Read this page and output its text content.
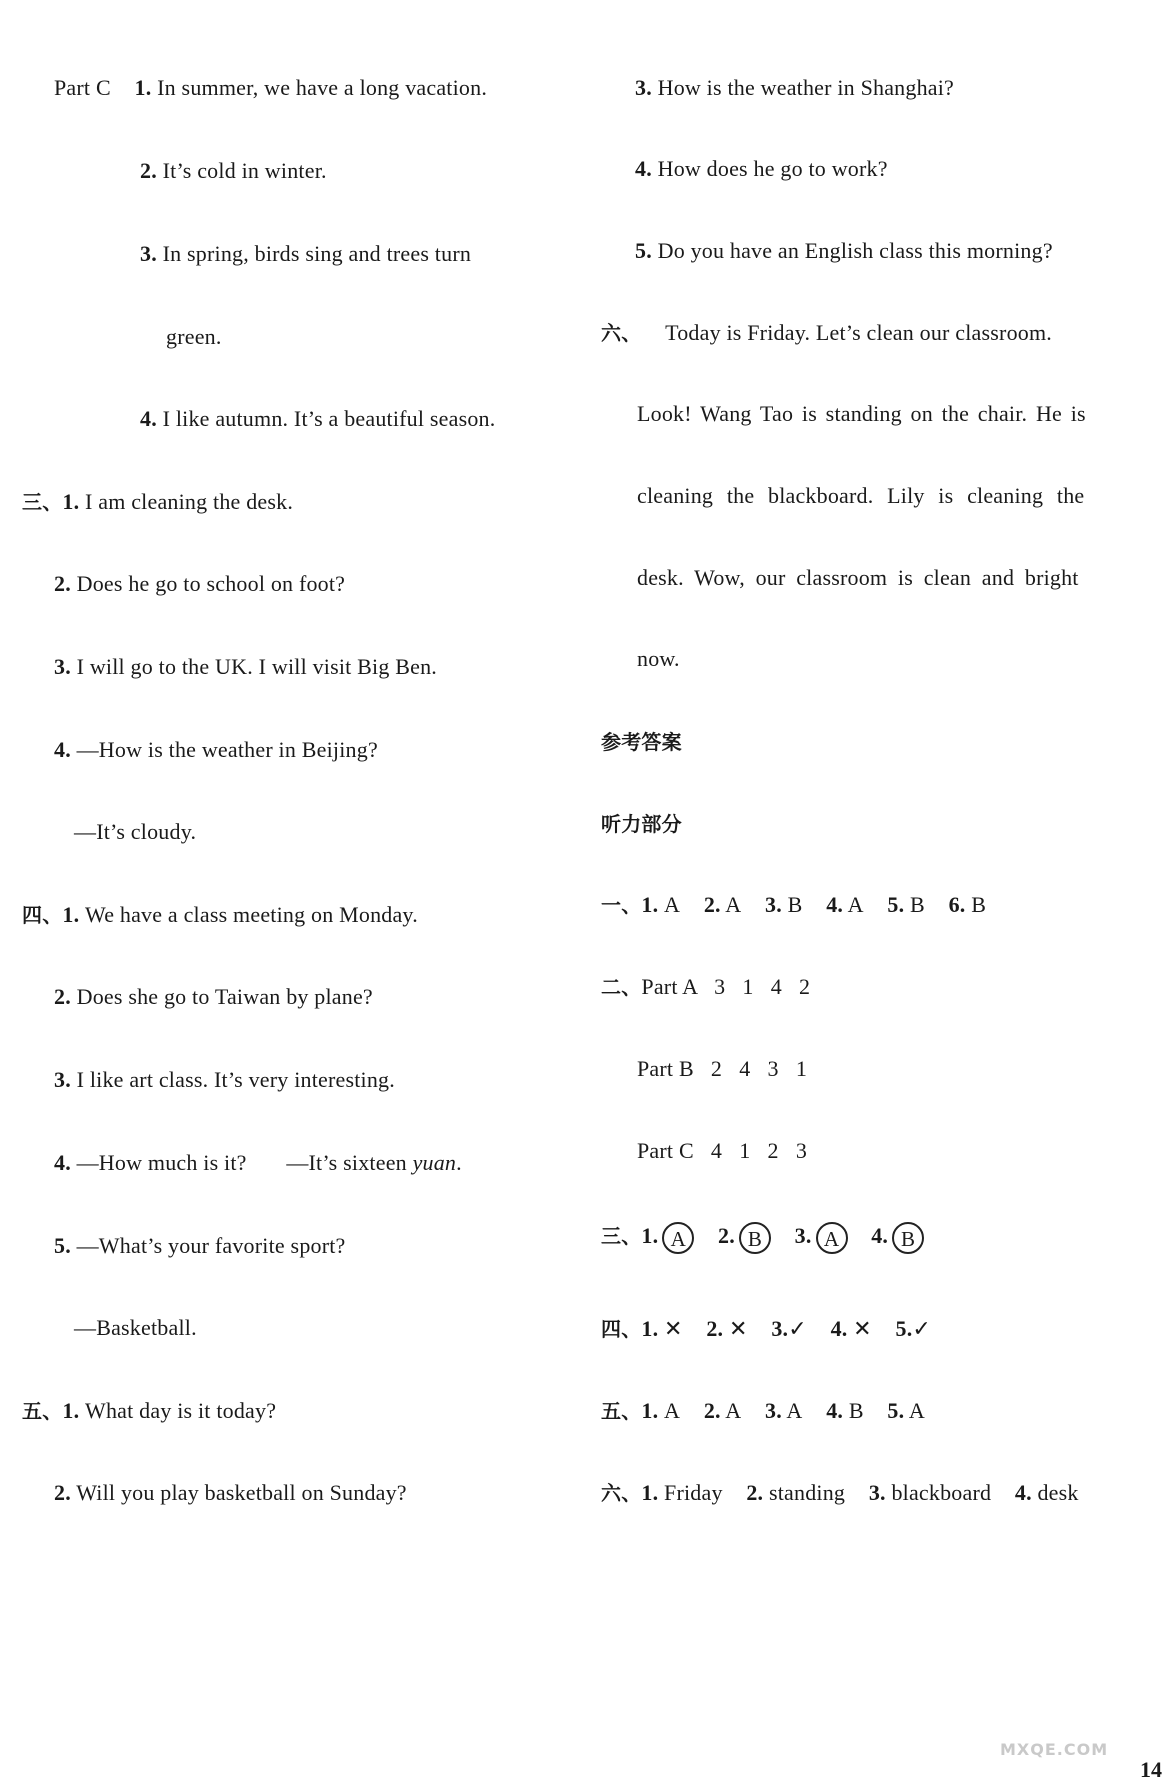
Part C 1. In summer, we have a long vacation.
2. It’s cold in winter.
3. In spring, birds sing and trees turn
green.
4. I like autumn. It’s a beautiful season.
三、1. I am cleaning the desk.
2. Does he go to school on foot?
3. I will go to the UK. I will visit Big Ben.
4. —How is the weather in Beijing?
—It’s cloudy.
四、1. We have a class meeting on Monday.
2. Does she go to Taiwan by plane?
3. I like art class. It’s very interesting.
4. —How much is it? —It’s sixteen yuan.
5. —What’s your favorite sport?
—Basketball.
五、1. What day is it today?
2. Will you play basketball on Sunday?
3. How is the weather in Shanghai?
4. How does he go to work?
5. Do you have an English class this morning?
六、 Today is Friday. Let’s clean our classroom.
Look! Wang Tao is standing on the chair. He is
cleaning the blackboard. Lily is cleaning the
desk. Wow, our classroom is clean and bright
now.
参考答案
听力部分
一、1. A 2. A 3. B 4. A 5. B 6. B
二、Part A 3   1   4   2
Part B 2   4   3   1
Part C 4   1   2   3
三、1. A 2. B 3. A 4. B
四、1. ✕ 2. ✕ 3.✓ 4. ✕ 5.✓
五、1. A 2. A 3. A 4. B 5. A
六、1. Friday 2. standing 3. blackboard 4. desk
MXQE.COM
14
